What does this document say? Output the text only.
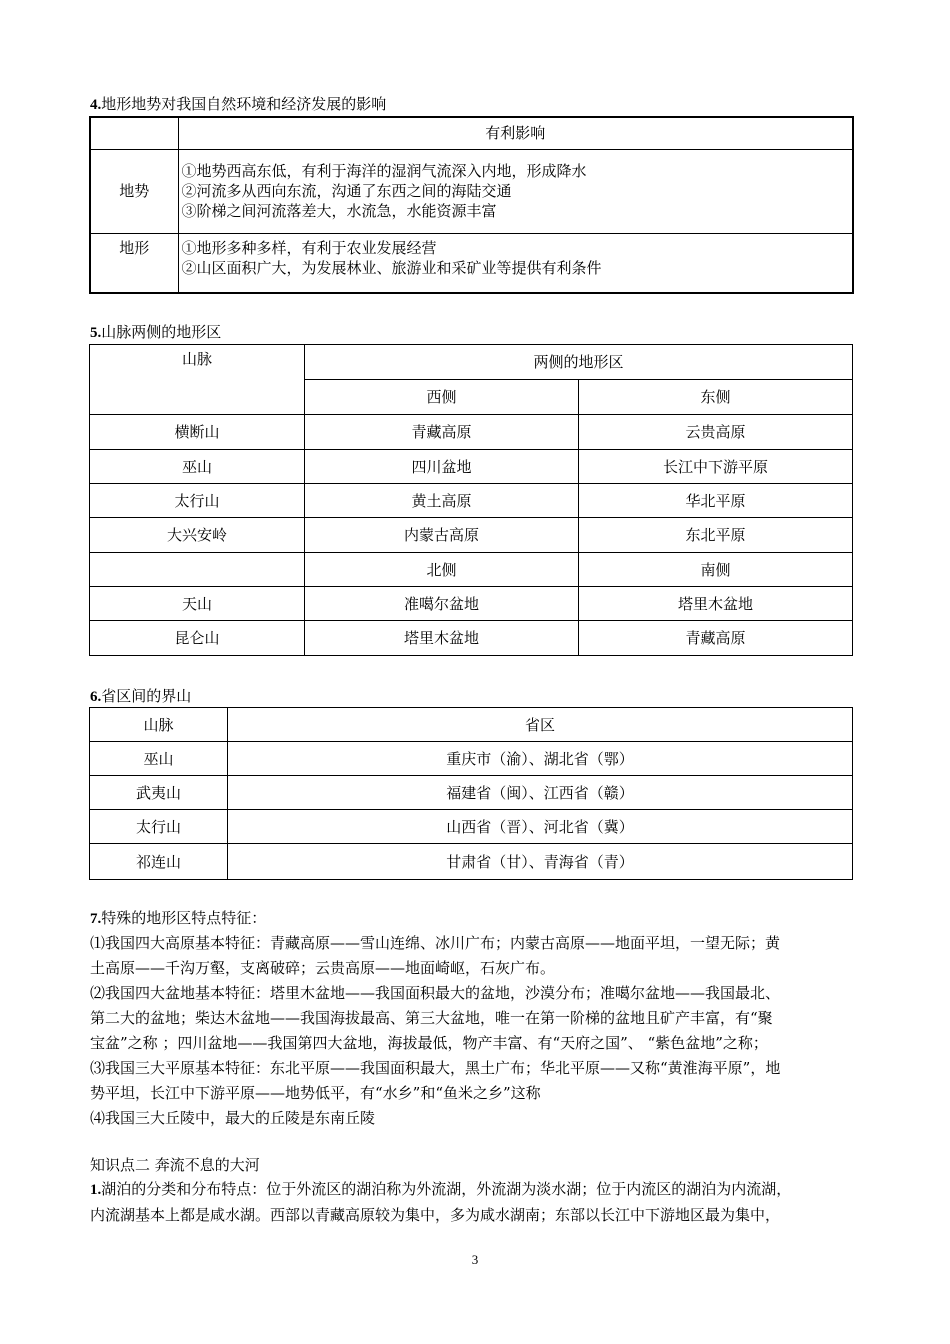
4.地形地势对我国自然环境和经济发展的影响
	有利影响
地势	①地势西高东低，有利于海洋的湿润气流深入内地，形成降水
②河流多从西向东流，沟通了东西之间的海陆交通
③阶梯之间河流落差大，水流急，水能资源丰富

地形	①地形多种多样，有利于农业发展经营
②山区面积广大，为发展林业、旅游业和采矿业等提供有利条件
5.山脉两侧的地形区
山脉	两侧的地形区	
	西侧	东侧
横断山	青藏高原	云贵高原
巫山	四川盆地	长江中下游平原
太行山	黄土高原	华北平原
大兴安岭	内蒙古高原	东北平原
	北侧	南侧
天山	准噶尔盆地	塔里木盆地
昆仑山	塔里木盆地	青藏高原
6.省区间的界山
山脉	省区
巫山	重庆市（渝）、湖北省（鄂）
武夷山	福建省（闽）、江西省（赣）
太行山	山西省（晋）、河北省（冀）
祁连山	甘肃省（甘）、青海省（青）
7.特殊的地形区特点特征：

⑴我国四大高原基本特征：青藏高原——雪山连绵、冰川广布；内蒙古高原——地面平坦，一望无际；黄

土高原——千沟万壑，支离破碎；云贵高原——地面崎岖，石灰广布。

⑵我国四大盆地基本特征：塔里木盆地——我国面积最大的盆地，沙漠分布；准噶尔盆地——我国最北、

第二大的盆地；柴达木盆地——我国海拔最高、第三大盆地，唯一在第一阶梯的盆地且矿产丰富，有“聚

宝盆”之称 ；四川盆地——我国第四大盆地，海拔最低，物产丰富、有“天府之国”、 “紫色盆地”之称；

⑶我国三大平原基本特征：东北平原——我国面积最大，黑土广布；华北平原——又称“黄淮海平原”，地

势平坦，长江中下游平原——地势低平，有“水乡”和“鱼米之乡”这称

⑷我国三大丘陵中，最大的丘陵是东南丘陵

知识点二 奔流不息的大河

1.湖泊的分类和分布特点：位于外流区的湖泊称为外流湖，外流湖为淡水湖；位于内流区的湖泊为内流湖，

内流湖基本上都是咸水湖。西部以青藏高原较为集中，多为咸水湖南；东部以长江中下游地区最为集中，

3
